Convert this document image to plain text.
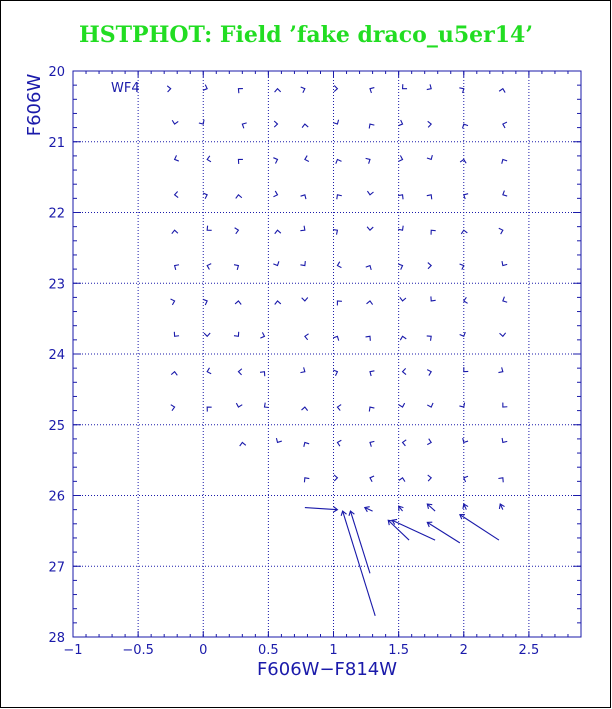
HSTPHOT: Field ’fake draco_u5er14’
−1	−0.5	0	0.5	1	1.5	2	2.5
20
21
22
23
24
25
26
27
28
WF4
F606W−F814W
F606W
